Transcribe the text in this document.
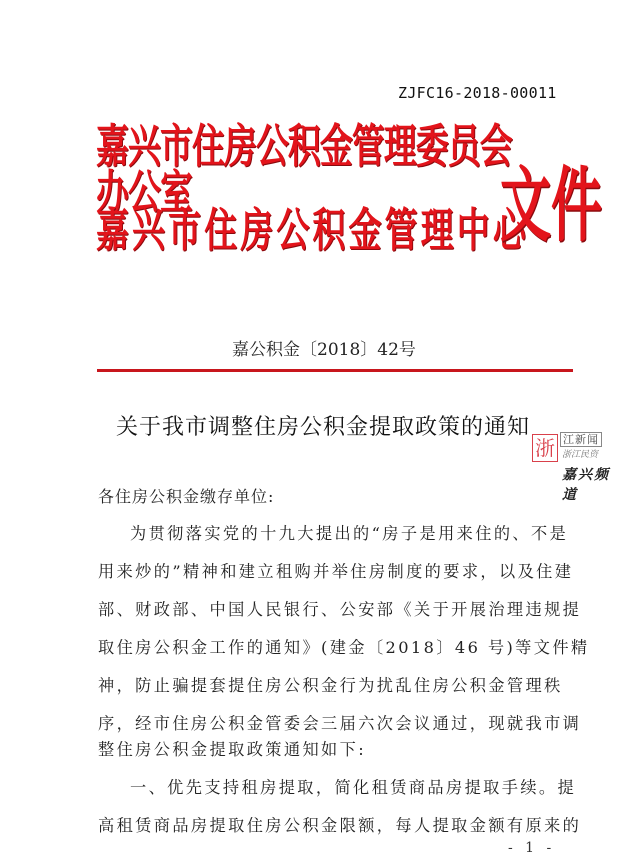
ZJFC16-2018-00011
嘉兴市住房公积金管理委员会办公室
嘉兴市住房公积金管理中心
文件
嘉公积金〔2018〕42号
关于我市调整住房公积金提取政策的通知
浙 江新闻
浙江民资
嘉兴频道
各住房公积金缴存单位:
为贯彻落实党的十九大提出的“房子是用来住的、不是
用来炒的”精神和建立租购并举住房制度的要求，以及住建
部、财政部、中国人民银行、公安部《关于开展治理违规提
取住房公积金工作的通知》(建金〔2018〕46 号)等文件精
神，防止骗提套提住房公积金行为扰乱住房公积金管理秩
序，经市住房公积金管委会三届六次会议通过，现就我市调
整住房公积金提取政策通知如下:
一、优先支持租房提取，简化租赁商品房提取手续。提
高租赁商品房提取住房公积金限额，每人提取金额有原来的
- 1 -
